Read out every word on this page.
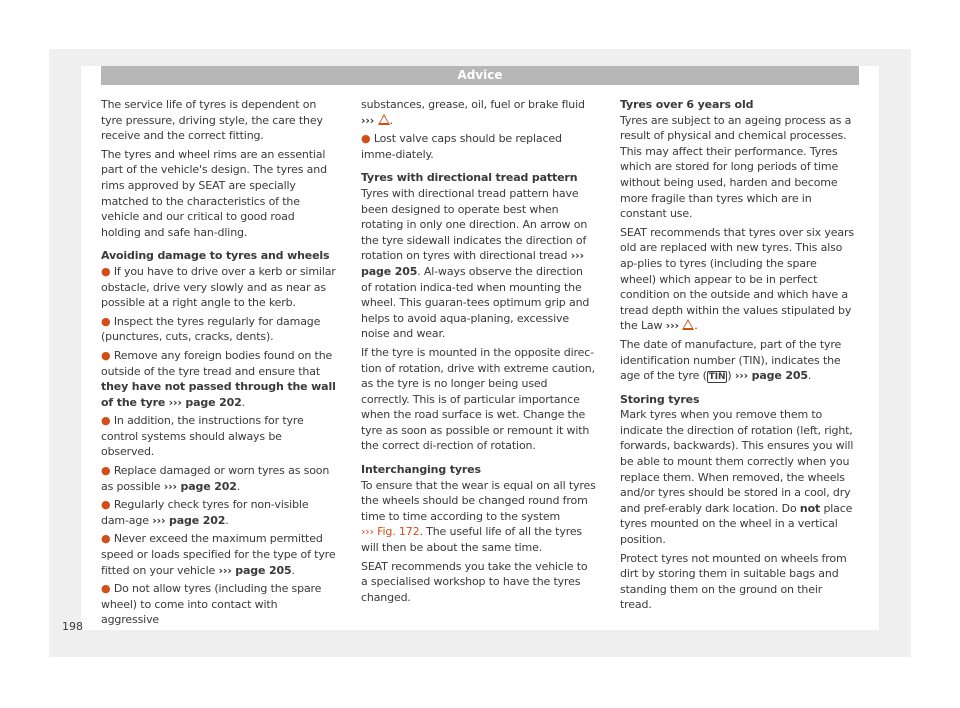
Advice

The service life of tyres is dependent on tyre pressure, driving style, the care they receive and the correct fitting.

The tyres and wheel rims are an essential part of the vehicle's design. The tyres and rims approved by SEAT are specially matched to the characteristics of the vehicle and our critical to good road holding and safe han-dling.

Avoiding damage to tyres and wheels

● If you have to drive over a kerb or similar obstacle, drive very slowly and as near as possible at a right angle to the kerb.

● Inspect the tyres regularly for damage (punctures, cuts, cracks, dents).

● Remove any foreign bodies found on the outside of the tyre tread and ensure that they have not passed through the wall of the tyre ››› page 202.

● In addition, the instructions for tyre control systems should always be observed.

● Replace damaged or worn tyres as soon as possible ››› page 202.

● Regularly check tyres for non-visible dam-age ››› page 202.

● Never exceed the maximum permitted speed or loads specified for the type of tyre fitted on your vehicle ››› page 205.

● Do not allow tyres (including the spare wheel) to come into contact with aggressive

substances, grease, oil, fuel or brake fluid
››› .

● Lost valve caps should be replaced imme-diately.

Tyres with directional tread pattern

Tyres with directional tread pattern have been designed to operate best when rotating in only one direction. An arrow on the tyre sidewall indicates the direction of rotation on tyres with directional tread ››› page 205. Al-ways observe the direction of rotation indica-ted when mounting the wheel. This guaran-tees optimum grip and helps to avoid aqua-planing, excessive noise and wear.

If the tyre is mounted in the opposite direc-tion of rotation, drive with extreme caution, as the tyre is no longer being used correctly. This is of particular importance when the road surface is wet. Change the tyre as soon as possible or remount it with the correct di-rection of rotation.

Interchanging tyres

To ensure that the wear is equal on all tyres the wheels should be changed round from time to time according to the system
››› Fig. 172. The useful life of all the tyres will then be about the same time.

SEAT recommends you take the vehicle to a specialised workshop to have the tyres changed.

Tyres over 6 years old

Tyres are subject to an ageing process as a result of physical and chemical processes. This may affect their performance. Tyres which are stored for long periods of time without being used, harden and become more fragile than tyres which are in constant use.

SEAT recommends that tyres over six years old are replaced with new tyres. This also ap-plies to tyres (including the spare wheel) which appear to be in perfect condition on the outside and which have a tread depth within the values stipulated by the Law ››› .

The date of manufacture, part of the tyre identification number (TIN), indicates the age of the tyre ( TIN ) ››› page 205.

Storing tyres

Mark tyres when you remove them to indicate the direction of rotation (left, right, forwards, backwards). This ensures you will be able to mount them correctly when you replace them. When removed, the wheels and/or tyres should be stored in a cool, dry and pref-erably dark location. Do not place tyres mounted on the wheel in a vertical position.

Protect tyres not mounted on wheels from dirt by storing them in suitable bags and standing them on the ground on their tread.

198
